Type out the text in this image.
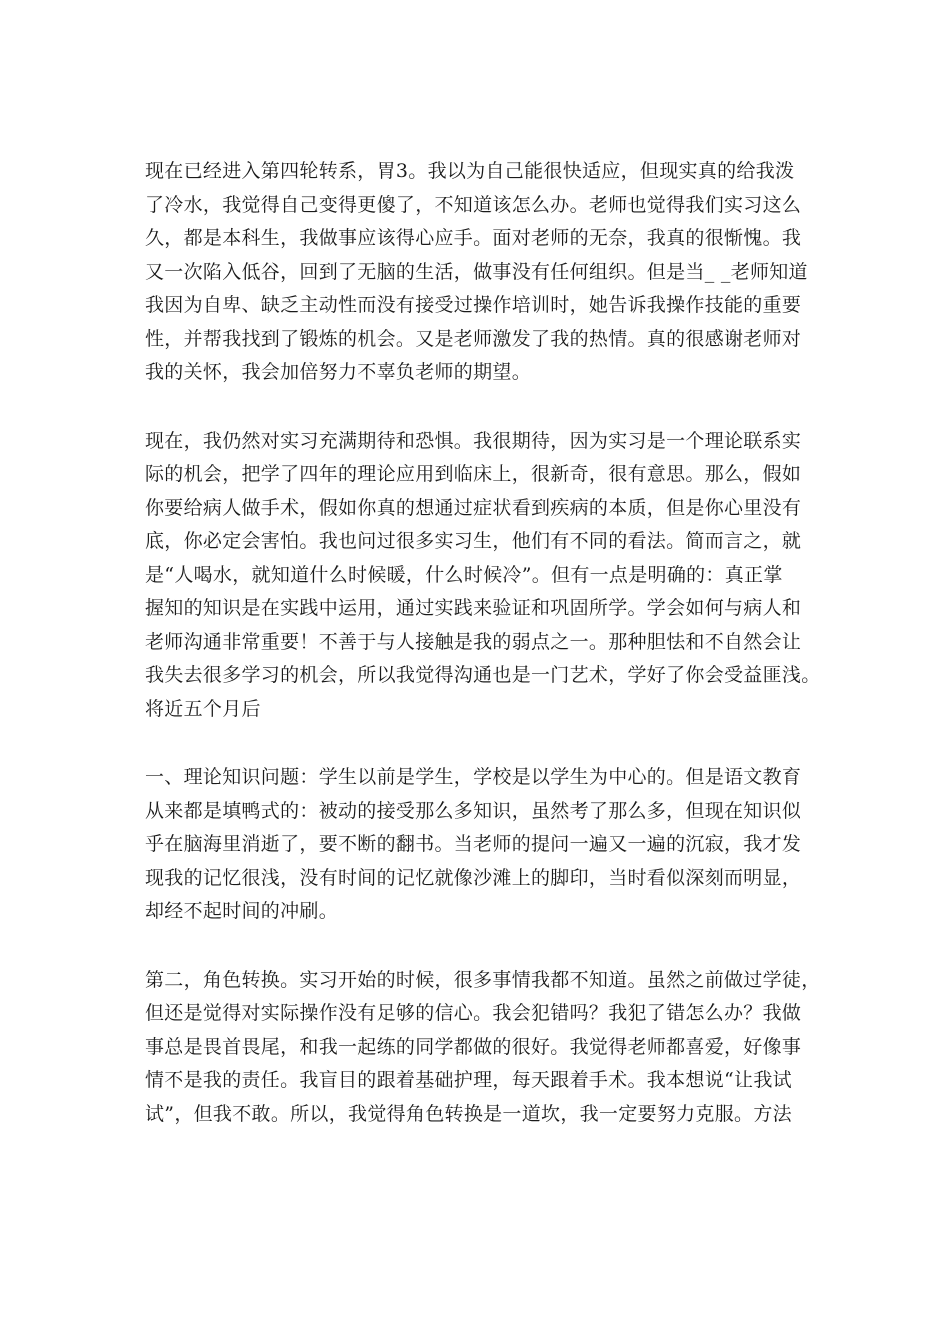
现在已经进入第四轮转系，胃3。我以为自己能很快适应，但现实真的给我泼
了冷水，我觉得自己变得更傻了，不知道该怎么办。老师也觉得我们实习这么
久，都是本科生，我做事应该得心应手。面对老师的无奈，我真的很惭愧。我
又一次陷入低谷，回到了无脑的生活，做事没有任何组织。但是当_ _老师知道
我因为自卑、缺乏主动性而没有接受过操作培训时，她告诉我操作技能的重要
性，并帮我找到了锻炼的机会。又是老师激发了我的热情。真的很感谢老师对
我的关怀，我会加倍努力不辜负老师的期望。

现在，我仍然对实习充满期待和恐惧。我很期待，因为实习是一个理论联系实
际的机会，把学了四年的理论应用到临床上，很新奇，很有意思。那么，假如
你要给病人做手术，假如你真的想通过症状看到疾病的本质，但是你心里没有
底，你必定会害怕。我也问过很多实习生，他们有不同的看法。简而言之，就
是“人喝水，就知道什么时候暖，什么时候冷”。但有一点是明确的：真正掌
握知的知识是在实践中运用，通过实践来验证和巩固所学。学会如何与病人和
老师沟通非常重要！不善于与人接触是我的弱点之一。那种胆怯和不自然会让
我失去很多学习的机会，所以我觉得沟通也是一门艺术，学好了你会受益匪浅。
将近五个月后

一、理论知识问题：学生以前是学生，学校是以学生为中心的。但是语文教育
从来都是填鸭式的：被动的接受那么多知识，虽然考了那么多，但现在知识似
乎在脑海里消逝了，要不断的翻书。当老师的提问一遍又一遍的沉寂，我才发
现我的记忆很浅，没有时间的记忆就像沙滩上的脚印，当时看似深刻而明显，
却经不起时间的冲刷。

第二，角色转换。实习开始的时候，很多事情我都不知道。虽然之前做过学徒，
但还是觉得对实际操作没有足够的信心。我会犯错吗？我犯了错怎么办？我做
事总是畏首畏尾，和我一起练的同学都做的很好。我觉得老师都喜爱，好像事
情不是我的责任。我盲目的跟着基础护理，每天跟着手术。我本想说“让我试
试”，但我不敢。所以，我觉得角色转换是一道坎，我一定要努力克服。方法
